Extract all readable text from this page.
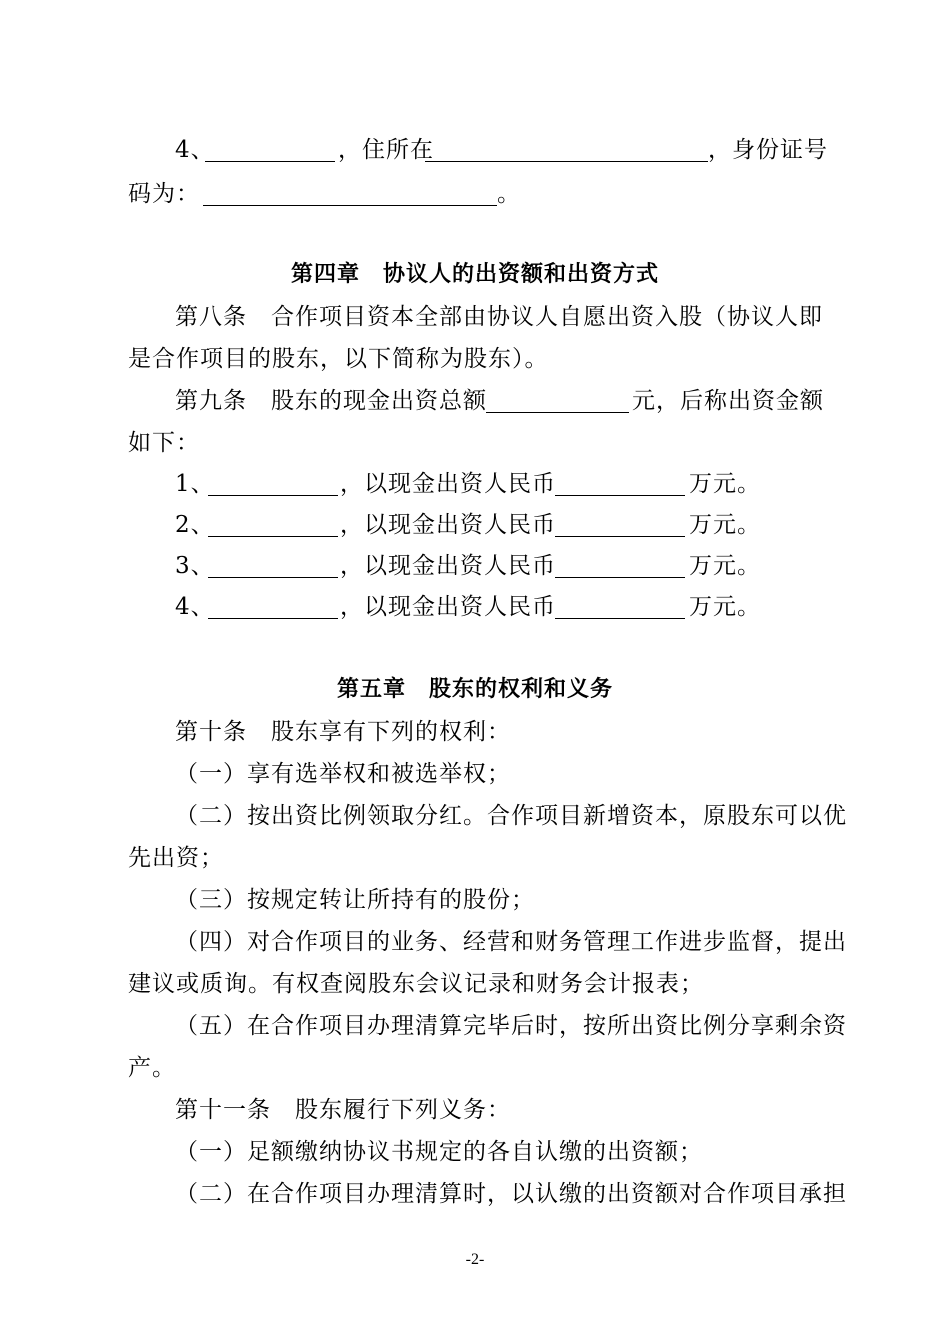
4、	，住所在	，身份证号
码为：	。
第四章　协议人的出资额和出资方式
第八条　合作项目资本全部由协议人自愿出资入股（协议人即
是合作项目的股东，以下简称为股东）。
第九条　股东的现金出资总额	元，后称出资金额
如下：
1、	，以现金出资人民币	万元。
2、	，以现金出资人民币	万元。
3、	，以现金出资人民币	万元。
4、	，以现金出资人民币	万元。
第五章　股东的权利和义务
第十条　股东享有下列的权利：
（一）享有选举权和被选举权；
（二）按出资比例领取分红。合作项目新增资本，原股东可以优
先出资；
（三）按规定转让所持有的股份；
（四）对合作项目的业务、经营和财务管理工作进步监督，提出
建议或质询。有权查阅股东会议记录和财务会计报表；
（五）在合作项目办理清算完毕后时，按所出资比例分享剩余资
产。
第十一条　股东履行下列义务：
（一）足额缴纳协议书规定的各自认缴的出资额；
（二）在合作项目办理清算时，以认缴的出资额对合作项目承担
-2-
